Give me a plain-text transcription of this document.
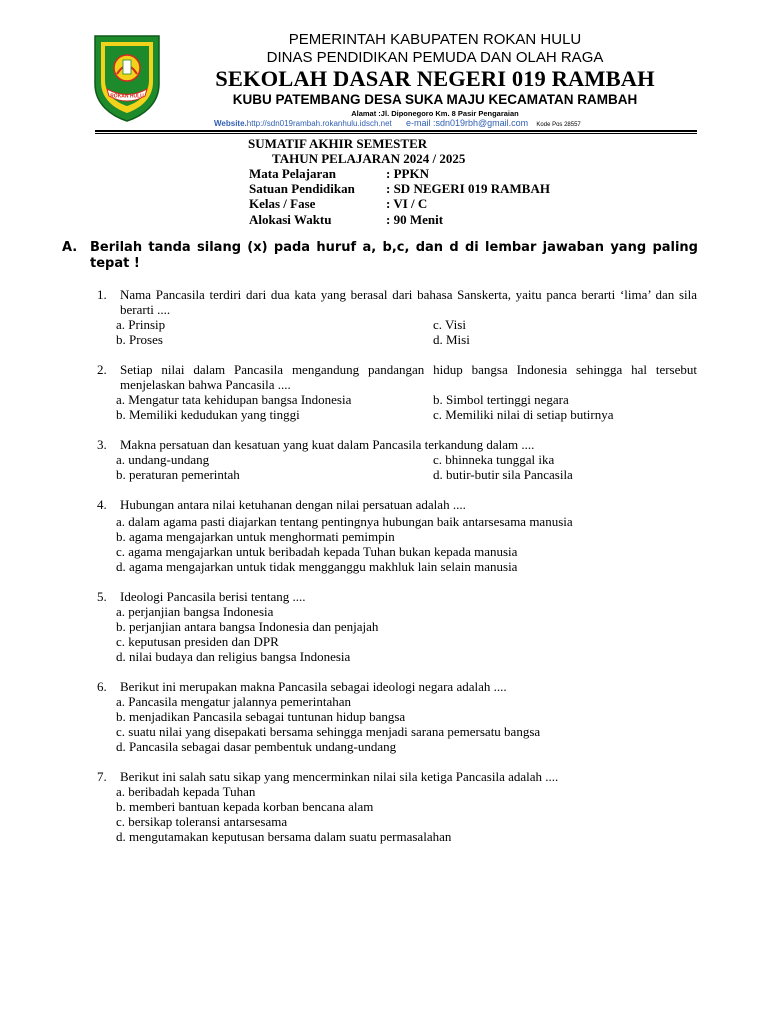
ROKAN HULU
PEMERINTAH KABUPATEN ROKAN HULU
DINAS PENDIDIKAN PEMUDA DAN OLAH RAGA
SEKOLAH DASAR NEGERI 019 RAMBAH
KUBU PATEMBANG DESA SUKA MAJU KECAMATAN RAMBAH
Alamat :Jl. Diponegoro Km. 8 Pasir Pengaraian
Website.http://sdn019rambah.rokanhulu.idsch.net e-mail :sdn019rbh@gmail.com Kode Pos 28557
SUMATIF AKHIR SEMESTER
TAHUN PELAJARAN 2024 / 2025
Mata Pelajaran	: PPKN
Satuan Pendidikan	: SD NEGERI 019 RAMBAH
Kelas / Fase	: VI / C
Alokasi Waktu	: 90 Menit
A. Berilah tanda silang (x) pada huruf a, b,c, dan d di lembar jawaban yang paling tepat !
1.	Nama Pancasila terdiri dari dua kata yang berasal dari bahasa Sanskerta, yaitu panca berarti ‘lima’ dan sila berarti ....
a. Prinsip	c. Visi
b. Proses	d. Misi
2.	Setiap nilai dalam Pancasila mengandung pandangan hidup bangsa Indonesia sehingga hal tersebut menjelaskan bahwa Pancasila ....
a. Mengatur tata kehidupan bangsa Indonesia	b. Simbol tertinggi negara
b. Memiliki kedudukan yang tinggi	c. Memiliki nilai di setiap butirnya
3.	Makna persatuan dan kesatuan yang kuat dalam Pancasila terkandung dalam ....
a. undang-undang	c. bhinneka tunggal ika
b. peraturan pemerintah	d. butir-butir sila Pancasila
4.	Hubungan antara nilai ketuhanan dengan nilai persatuan adalah ....
a. dalam agama pasti diajarkan tentang pentingnya hubungan baik antarsesama manusia
b. agama mengajarkan untuk menghormati pemimpin
c. agama mengajarkan untuk beribadah kepada Tuhan bukan kepada manusia
d. agama mengajarkan untuk tidak mengganggu makhluk lain selain manusia
5.	Ideologi Pancasila berisi tentang ....
a. perjanjian bangsa Indonesia
b. perjanjian antara bangsa Indonesia dan penjajah
c. keputusan presiden dan DPR
d. nilai budaya dan religius bangsa Indonesia
6.	Berikut ini merupakan makna Pancasila sebagai ideologi negara adalah ....
a. Pancasila mengatur jalannya pemerintahan
b. menjadikan Pancasila sebagai tuntunan hidup bangsa
c. suatu nilai yang disepakati bersama sehingga menjadi sarana pemersatu bangsa
d. Pancasila sebagai dasar pembentuk undang-undang
7.	Berikut ini salah satu sikap yang mencerminkan nilai sila ketiga Pancasila adalah ....
a. beribadah kepada Tuhan
b. memberi bantuan kepada korban bencana alam
c. bersikap toleransi antarsesama
d. mengutamakan keputusan bersama dalam suatu permasalahan
